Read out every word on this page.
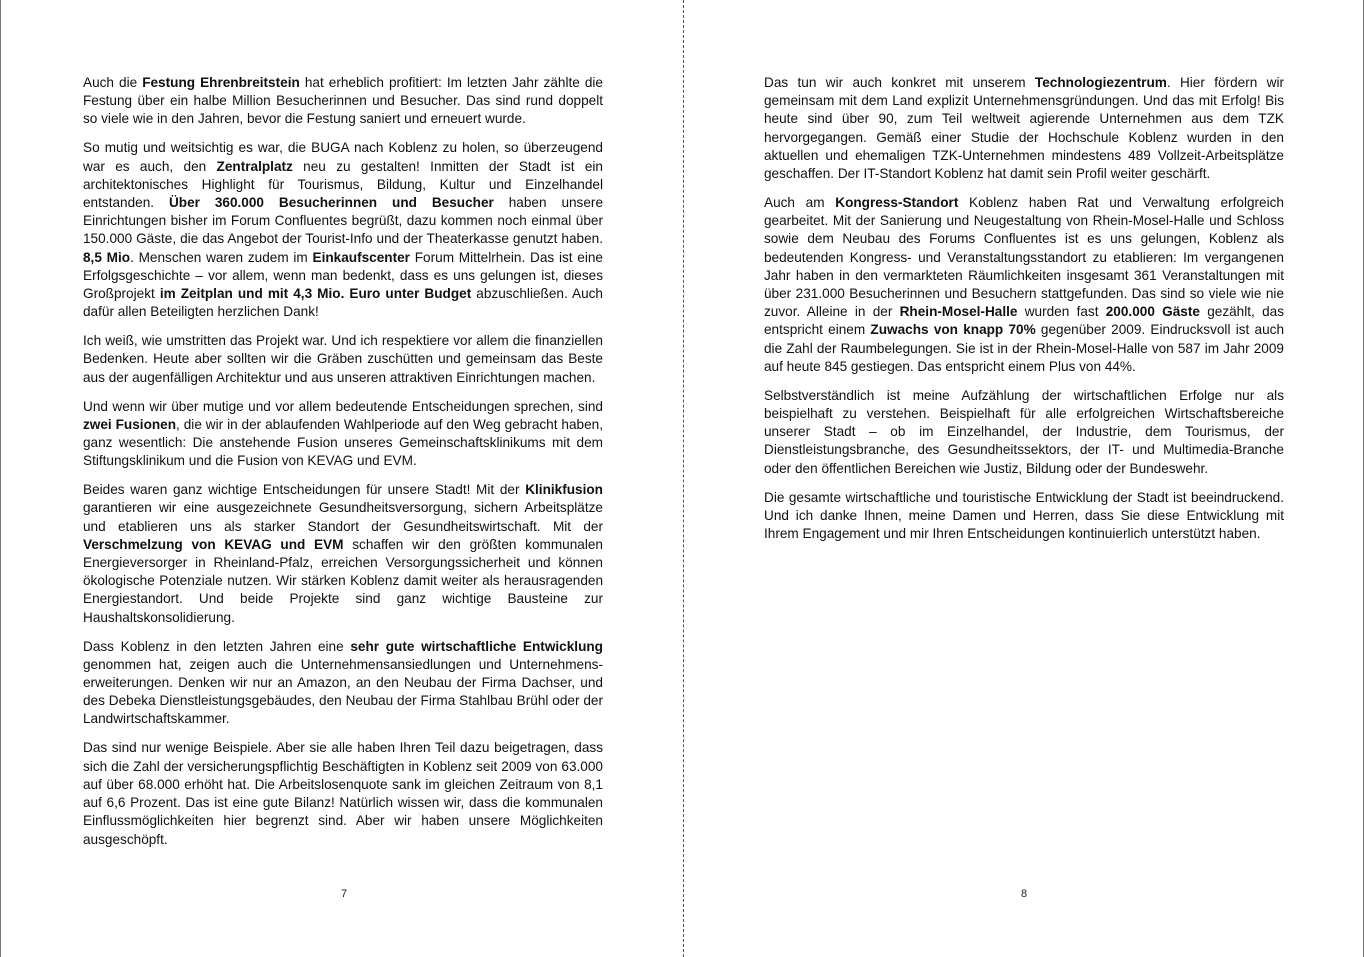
Auch die Festung Ehrenbreitstein hat erheblich profitiert: Im letzten Jahr zählte die Festung über ein halbe Million Besucherinnen und Besucher. Das sind rund doppelt so viele wie in den Jahren, bevor die Festung saniert und erneuert wurde.

So mutig und weitsichtig es war, die BUGA nach Koblenz zu holen, so überzeugend war es auch, den Zentralplatz neu zu gestalten! Inmitten der Stadt ist ein architektonisches Highlight für Tourismus, Bildung, Kultur und Einzelhandel entstanden. Über 360.000 Besucherinnen und Besucher haben unsere Einrichtungen bisher im Forum Confluentes begrüßt, dazu kommen noch einmal über 150.000 Gäste, die das Angebot der Tourist-Info und der Theaterkasse genutzt haben. 8,5 Mio. Menschen waren zudem im Einkaufscenter Forum Mittelrhein. Das ist eine Erfolgsgeschichte – vor allem, wenn man bedenkt, dass es uns gelungen ist, dieses Großprojekt im Zeitplan und mit 4,3 Mio. Euro unter Budget abzuschließen. Auch dafür allen Beteiligten herzlichen Dank!

Ich weiß, wie umstritten das Projekt war. Und ich respektiere vor allem die finanziellen Bedenken. Heute aber sollten wir die Gräben zuschütten und gemeinsam das Beste aus der augenfälligen Architektur und aus unseren attraktiven Einrichtungen machen.

Und wenn wir über mutige und vor allem bedeutende Entscheidungen sprechen, sind zwei Fusionen, die wir in der ablaufenden Wahlperiode auf den Weg gebracht haben, ganz wesentlich: Die anstehende Fusion unseres Gemeinschaftsklinikums mit dem Stiftungsklinikum und die Fusion von KEVAG und EVM.

Beides waren ganz wichtige Entscheidungen für unsere Stadt! Mit der Klinikfusion garantieren wir eine ausgezeichnete Gesundheitsversorgung, sichern Arbeitsplätze und etablieren uns als starker Standort der Gesundheitswirtschaft. Mit der Verschmelzung von KEVAG und EVM schaffen wir den größten kommunalen Energieversorger in Rheinland-Pfalz, erreichen Versorgungssicherheit und können ökologische Potenziale nutzen. Wir stärken Koblenz damit weiter als herausragenden Energiestandort. Und beide Projekte sind ganz wichtige Bausteine zur Haushaltskonsolidierung.

Dass Koblenz in den letzten Jahren eine sehr gute wirtschaftliche Entwicklung genommen hat, zeigen auch die Unternehmensansiedlungen und Unternehmenserweiterungen. Denken wir nur an Amazon, an den Neubau der Firma Dachser, und des Debeka Dienstleistungsgebäudes, den Neubau der Firma Stahlbau Brühl oder der Landwirtschaftskammer.

Das sind nur wenige Beispiele. Aber sie alle haben Ihren Teil dazu beigetragen, dass sich die Zahl der versicherungspflichtig Beschäftigten in Koblenz seit 2009 von 63.000 auf über 68.000 erhöht hat. Die Arbeitslosenquote sank im gleichen Zeitraum von 8,1 auf 6,6 Prozent. Das ist eine gute Bilanz! Natürlich wissen wir, dass die kommunalen Einflussmöglichkeiten hier begrenzt sind. Aber wir haben unsere Möglichkeiten ausgeschöpft.

7

Das tun wir auch konkret mit unserem Technologiezentrum. Hier fördern wir gemeinsam mit dem Land explizit Unternehmensgründungen. Und das mit Erfolg! Bis heute sind über 90, zum Teil weltweit agierende Unternehmen aus dem TZK hervorgegangen. Gemäß einer Studie der Hochschule Koblenz wurden in den aktuellen und ehemaligen TZK-Unternehmen mindestens 489 Vollzeit-Arbeitsplätze geschaffen. Der IT-Standort Koblenz hat damit sein Profil weiter geschärft.

Auch am Kongress-Standort Koblenz haben Rat und Verwaltung erfolgreich gearbeitet. Mit der Sanierung und Neugestaltung von Rhein-Mosel-Halle und Schloss sowie dem Neubau des Forums Confluentes ist es uns gelungen, Koblenz als bedeutenden Kongress- und Veranstaltungsstandort zu etablieren: Im vergangenen Jahr haben in den vermarkteten Räumlichkeiten insgesamt 361 Veranstaltungen mit über 231.000 Besucherinnen und Besuchern stattgefunden. Das sind so viele wie nie zuvor. Alleine in der Rhein-Mosel-Halle wurden fast 200.000 Gäste gezählt, das entspricht einem Zuwachs von knapp 70% gegenüber 2009. Eindrucksvoll ist auch die Zahl der Raumbelegungen. Sie ist in der Rhein-Mosel-Halle von 587 im Jahr 2009 auf heute 845 gestiegen. Das entspricht einem Plus von 44%.

Selbstverständlich ist meine Aufzählung der wirtschaftlichen Erfolge nur als beispielhaft zu verstehen. Beispielhaft für alle erfolgreichen Wirtschaftsbereiche unserer Stadt – ob im Einzelhandel, der Industrie, dem Tourismus, der Dienstleistungsbranche, des Gesundheitssektors, der IT- und Multimedia-Branche oder den öffentlichen Bereichen wie Justiz, Bildung oder der Bundeswehr.

Die gesamte wirtschaftliche und touristische Entwicklung der Stadt ist beeindruckend. Und ich danke Ihnen, meine Damen und Herren, dass Sie diese Entwicklung mit Ihrem Engagement und mir Ihren Entscheidungen kontinuierlich unterstützt haben.

8
